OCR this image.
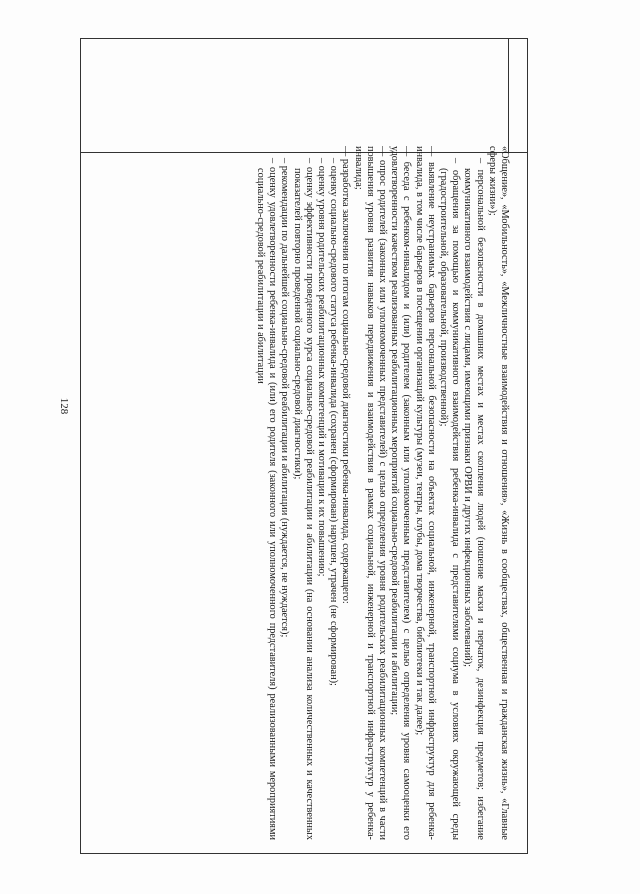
128	«Общение», «Мобильность», «Межличностные взаимодействия и отношения», «Жизнь в сообществах, общественная и гражданская жизнь», «Главные сферы жизни»);

– персональной безопасности в домашних местах и местах скопления людей (ношение маски и перчаток, дезинфекция предметов; избегание коммуникативного взаимодействия с лицами, имеющими признаки ОРВИ и других инфекционных заболеваний);

– обращения за помощью и коммуникативного взаимодействия ребенка-инвалида с представителями социума в условиях окружающей среды (градостроительной, образовательной, производственной);

— выявление неустранимых барьеров персональной безопасности на объектах социальной, инженерной, транспортной инфраструктур для ребенка-инвалида, в том числе барьеров в посещении организаций культуры (музеи, театры, клубы, дома творчества, библиотеки и так далее);

— беседа с ребенком-инвалидом и (или) родителем (законным или уполномоченным представителем) с целью определения уровня самооценки его удовлетворенности качеством реализованных реабилитационных мероприятий социально-средовой реабилитации и абилитации;

— опрос родителей (законных или уполномоченных представителей) с целью определения уровня родительских реабилитационных компетенций в части повышения уровня развития навыков передвижения и взаимодействия в рамках социальной, инженерной и транспортной инфраструктур у ребенка-инвалида;

— разработка заключения по итогам социально-средовой диагностики ребенка-инвалида, содержащего:

– оценку социально-средового статуса ребенка-инвалида (сохранен (сформирован) нарушен, утрачен (не сформирован);

– оценку уровня родительских реабилитационных компетенций и мотивации к их повышению;

– оценку эффективности проведенного курса социально-средовой реабилитации и абилитации (на основании анализа количественных и качественных показателей повторно проведенной социально-средовой диагностики);

– рекомендации по дальнейшей социально-средовой реабилитации и абилитации (нуждается, не нуждается);

– оценку удовлетворенности ребенка-инвалида и (или) его родителя (законного или уполномоченного представителя) реализованными мероприятиями социально-средовой реабилитации и абилитации
